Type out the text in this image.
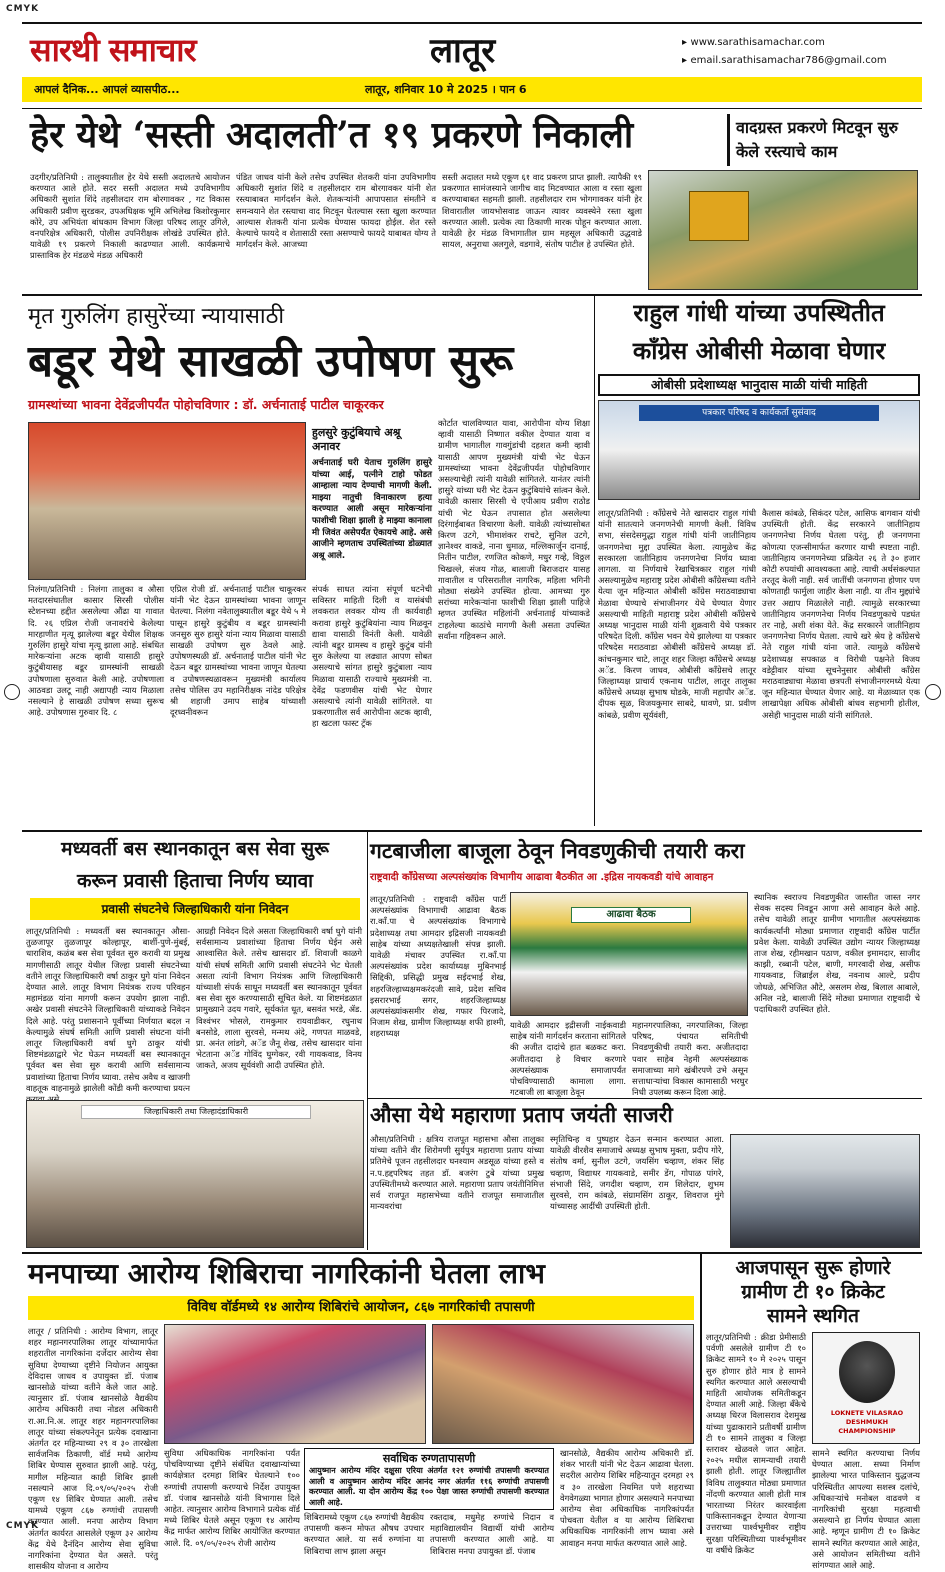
CMYK
CMYK
सारथी समाचार	लातूर	▸ www.sarathisamachar.com
▸ email.sarathisamachar786@gmail.com
आपलं दैनिक... आपलं व्यासपीठ...	लातूर, शनिवार 10 मे 2025 । पान 6
हेर येथे ‘सस्ती अदालती’त १९ प्रकरणे निकाली	वादग्रस्त प्रकरणे मिटवून सुरु केले रस्त्याचे काम
उदगीर/प्रतिनिधी : तालुक्यातील हेर येथे सस्ती अदालतचे आयोजन करण्यात आले होते. सदर सस्ती अदालत मध्ये उपविभागीय अधिकारी सुशांत शिंदे तहसीलदार राम बोरगावकर , गट विकास अधिकारी प्रवीण सुरडकर, उपअधिक्षक भूमि अभिलेख किशोरकुमार कोरे, उप अभियंता बांधकाम विभाग जिल्हा परिषद लातूर उगिले, वनपरिक्षेत्र अधिकारी, पोलीस उपनिरीक्षक लोखंडे उपस्थित होते. यावेळी १९ प्रकरणे निकाली काढण्यात आली. कार्यक्रमाचे प्रास्ताविक हेर मंडळचे मंडळ अधिकारी
पंडित जाधव यांनी केले तसेच उपस्थित शेतकरी यांना उपविभागीय अधिकारी सुशांत शिंदे व तहसीलदार राम बोरगावकर यांनी शेत रस्त्याबाबत मार्गदर्शन केले. शेतकऱ्यांनी आपापसात संमतीने व समन्वयाने शेत रस्त्याचा वाद मिटवून घेतल्यास रस्ता खुला करण्यात आल्यास शेतकरी यांना प्रत्येक घेण्यास फायदा होईल. शेत रस्ते केल्याचे फायदे व शेतासाठी रस्ता असण्याचे फायदे याबाबत योग्य ते मार्गदर्शन केले. आजच्या
सस्ती अदालत मध्ये एकूण ६१ वाद प्रकरण प्राप्त झाली. त्यापैकी १९ प्रकरणात सामंजस्याने जागीच वाद मिटवण्यात आला व रस्ता खुला करण्याबाबत सहमती झाली. तहसीलदार राम भोगगावकर यांनी हेर शिवारातील जायभोसवाड जाऊन त्यावर व्यवस्थेने रस्ता खुला करण्यात आली. प्रत्येक त्या ठिकाणी मारक पोहून करण्यात आला. यावेळी हेर मंडळ विभागातील ग्राम महसूल अधिकारी उद्धवाडे सायल, अनुराधा अलगुले, वडगावे, संतोष पाटील हे उपस्थित होते.
मृत गुरुलिंग हासुरेंच्या न्यायासाठी
बडूर येथे साखळी उपोषण सुरू
ग्रामस्थांच्या भावना देवेंद्रजीपर्यंत पोहोचविणार : डॉ. अर्चनाताई पाटील चाकूरकर
हुलसुरे कुटुंबियाचे अश्रू अनावर
अर्चनाताई घरी येताच गुरुलिंग हासुरे यांच्या आई, पत्नीने टाहो फोडत आम्हाला न्याय देण्याची मागणी केली. माझ्या नातुची विनाकारण हत्या करण्यात आली असून मारेकऱ्यांना फाशीची शिक्षा झाली हे माझ्या कानाला मी जिवंत असेपर्यंत ऐकायचे आहे. असे आजीने म्हणताच उपस्थितांच्या डोळ्यात अश्रू आले.
निलंगा/प्रतिनिधी : निलंगा तालुका व औसा मतदारसंघातील कासार सिरसी पोलीस स्टेशनच्या हद्दीत असलेल्या औंढा या गावात दि. २६ एप्रिल रोजी जनावरांचे केलेल्या मारहाणीत मृत्यू झालेल्या बडूर येथील शिक्षक गुरुलिंग हासुरे यांचा मृत्यू झाला आहे. संबधित मारेकऱ्यांना अटक व्हावी यासाठी हासुरे कुटुंबीयासह बडूर ग्रामस्थांनी साखळी उपोषणाला सुरुवात केली आहे. उपोषणाला आठवडा उलटू नाही अद्यापही न्याय मिळाला नसल्याने हे साखळी उपोषण सध्या सुरूच आहे. उपोषणास गुरुवार दि. ८
एप्रिल रोजी डॉ. अर्चनाताई पाटील चाकूरकर यांनी भेट देऊन ग्रामस्थांच्या भावना जाणून घेतल्या. निलंगा नवेतालुक्यातील बडूर येथे ५ मे पासून हासुरे कुटुंबीय व बडूर ग्रामस्थांनी जनसुरु सुरु हासुरे यांना न्याय मिळावा यासाठी साखळी उपोषण सुरु ठेवले आहे. उपोषणस्थळी डॉ. अर्चनाताई पाटील यांनी भेट देऊन बडूर ग्रामस्थांच्या भावना जाणून घेतल्या व उपोषणस्थळावरून मुख्यमंत्री कार्यालय तसेच पोलिस उप महानिरीक्षक नांदेड परिक्षेत्र श्री शहाजी उमाप साहेब यांच्याशी दूरध्वनीवरून
संपर्क साधत त्यांना संपूर्ण घटनेची सविस्तर माहिती दिली व यासंबंधी लवकरात लवकर योग्य ती कार्यवाही करावा हासुरे कुटुंबियांना न्याय मिळवून द्यावा यासाठी विनंती केली. यावेळी त्यांनी बडूर ग्रामस्थ व हासुरे कुटुंब यांनी सुरु केलेल्या या लढ्यात आपण सोबत असल्याचे सांगत हासुरे कुटुंबाला न्याय मिळावा यासाठी राज्याचे मुख्यमंत्री ना. देवेंद्र फडणवीस यांची भेट घेणार असल्याचे त्यांनी यावेळी सांगितले. या प्रकरणातील सर्व आरोपीना अटक व्हावी, हा खटला फास्ट ट्रॅक
कोर्टात चालविण्यात यावा, आरोपीना योग्य शिक्षा व्हावी यासाठी निष्णात वकील देण्यात यावा व ग्रामीण भागातील गावगुंडांची दहशत कमी व्हावी यासाठी आपण मुख्यमंत्री यांची भेट घेऊन ग्रामस्थांच्या भावना देवेंद्रजीपर्यंत पोहोचविणार असल्याचेही त्यांनी यावेळी सांगितले. यानंतर त्यांनी हासुरे यांच्या घरी भेट देऊन कुटुंबियांचे सांत्वन केले. यावेळी कासार सिरसी चे एपीआय प्रवीण राठोड यांची भेट घेऊन तपासात होत असलेल्या दिरंगाईबाबत विचारणा केली. यावेळी त्यांच्यासोबत किरण उटगे, भीमाशंकर राचटे, सुनिल उटगे, ज्ञानेश्वर वाकडे, नाना धुमाळ, मल्लिकार्जुन दानाई, नितीन पाटील, रणजित कोकणे, मधुर गव्हे, विठ्ठल चिखल्ले, संजय गोळ, बालाजी बिराजदार यासह गावातील व परिसरातील नागरिक, महिला भगिनी मोठ्या संख्येने उपस्थित होत्या. आमच्या गुरु सरांच्या मारेकऱ्यांना फाशीची शिक्षा झाली पाहिजे म्हणत उपस्थित महिलांनी अर्चनाताई यांच्याकडे टाहलेल्या काठांचे मागणी केली असता उपस्थित सर्वांना गहिवरून आले.
राहुल गांधी यांच्या उपस्थितीत
काँग्रेस ओबीसी मेळावा घेणार
ओबीसी प्रदेशाध्यक्ष भानुदास माळी यांची माहिती
पत्रकार परिषद व कार्यकर्ता सुसंवाद
लातूर/प्रतिनिधी : काँग्रेसचे नेते खासदार राहुल गांधी यांनी सातत्याने जनगणनेची मागणी केली. विविध सभा, संसदेसमुद्धा राहुल गांधी यांनी जातीनिहाय जनगणनेचा मुद्दा उपस्थित केला. त्यामुळेच केंद्र सरकारला जातीनिहाय जनगणनेचा निर्णय घ्यावा लागला. या निर्णयाचे रेखाचित्रकार राहुल गांधी असल्यामुळेच महाराष्ट्र प्रदेश ओबीसी काँग्रेसच्या वतीने येत्या जून महिन्यात ओबीसी काँग्रेस मराठवाड्याचा मेळावा घेण्याचे संभाजीनगर येथे घेण्यात येणार असल्याची माहिती महाराष्ट्र प्रदेश ओबीसी काँग्रेसचे अध्यक्ष भानुदास माळी यांनी शुक्रवारी येथे पत्रकार परिषदेत दिली. काँग्रेस भवन येथे झालेल्या या पत्रकार परिषदेस मराठवाडा ओबीसी काँग्रेसचे अध्यक्ष डॉ. कांचनकुमार चाटे, लातूर शहर जिल्हा काँग्रेसचे अध्यक्ष अॅड. किरण जाधव, ओबीसी काँग्रेसचे लातूर जिल्हाध्यक्ष प्राचार्य एकनाथ पाटील, लातूर तालुका काँग्रेसचे अध्यक्ष सुभाष घोडके, माजी महापौर अॅड. दीपक सूळ, विजयकुमार साबदे, धावणे, प्रा. प्रवीण कांबळे, प्रवीण सूर्यवंशी,
कैलास कांबळे, सिकंदर पटेल, आसिफ बागवान यांची उपस्थिती होती. केंद्र सरकारने जातीनिहाय जनगणनेचा निर्णय घेतला परंतु, ही जनगणना कोणत्या एजन्सीमार्फत करणार याची स्पष्टता नाही. जातीनिहाय जनगणनेच्या प्रक्रियेत २६ ते ३० हजार कोटी रुपयांची आवश्यकता आहे. त्याची अर्थसंकल्पात तरतूद केली नाही. सर्व जातींची जनगणना होणार पण कोणताही फार्मुला जाहीर केला नाही. या तीन मुद्द्यांचे उत्तर अद्याप मिळालेले नाही. त्यामुळे सरकारच्या जातीनिहाय जनगणनेचा निर्णय निवडणुकाचे पडघंत तर नाहे, अशी शंका येते. केंद्र सरकारने जातीनिहाय जनगणनेचा निर्णय घेतला. त्याचे खरे श्रेय हे काँग्रेसचे नेते राहुल गांधी यांना जाते. त्यामुळे काँग्रेसचे प्रदेशाध्यक्ष सपकाळ व विरोधी पक्षनेते विजय वडेट्टीवार यांच्या सूचनेनुसार ओबीसी काँग्रेस मराठवाड्याचा मेळावा छत्रपती संभाजीनगरमध्ये येत्या जून महिन्यात घेण्यात येणार आहे. या मेळाव्यात एक लाखापेक्षा अधिक ओबीसी बांधव सहभागी होतील, असेही भानुदास माळी यांनी सांगितले.
मध्यवर्ती बस स्थानकातून बस सेवा सुरू
करून प्रवासी हिताचा निर्णय घ्यावा
प्रवासी संघटनेचे जिल्हाधिकारी यांना निवेदन
लातूर/प्रतिनिधी : मध्यवर्ती बस स्थानकातून औसा-तुळजापूर तुळजापूर कोल्हापूर, बार्शी-पुणे-मुंबई, धाराशिव, कळंब बस सेवा पूर्ववत सुरु करावी या प्रमुख मागणीसाठी लातूर येथील जिल्हा प्रवासी संघटनेच्या वतीने लातूर जिल्हाधिकारी वर्षा ठाकूर घुगे यांना निवेदन देण्यात आले. लातूर विभाग नियंत्रक राज्य परिवहन महामंडळ यांना मागणी करून उपयोग झाला नाही. अखेर प्रवासी संघटनेने जिल्हाधिकारी यांच्याकडे निवेदन दिले आहे. परंतु प्रशासनाने पूर्वीच्या निर्णयात बदल न केल्यामुळे संघर्ष समिती आणि प्रवासी संघटना यांनी लातूर जिल्हाधिकारी वर्षा घुगे ठाकूर यांची शिष्टमंडळाद्वारे भेट घेऊन मध्यवर्ती बस स्थानकातून पूर्ववत बस सेवा सुरु करावी आणि सर्वसामान्य प्रवाशांच्या हिताचा निर्णय घ्यावा. तसेच अवैध व खाजगी वाहतूक वाहनामुळे झालेली कोंडी कमी करण्याचा प्रयत्न
आग्रही निवेदन दिले असता जिल्हाधिकारी वर्षा घुगे यांनी सर्वसामान्य प्रवाशांच्या हिताचा निर्णय घेईन असे आश्वासित केले. तसेच खासदार डॉ. शिवाजी काळगे यांची संघर्ष समिती आणि प्रवासी संघटनेने भेट घेतली असता त्यांनी विभाग नियंत्रक आणि जिल्हाधिकारी यांच्याशी संपर्क साधून मध्यवर्ती बस स्थानकातून पूर्ववत बस सेवा सुरु करण्यासाठी सूचित केले. या शिष्टमंडळात प्रामुख्याने उदय गवारे, सूर्यकांत धूत, बसवंत भरडे, ॲड. विश्वंभर भोसले, रामकुमार रायवाडीकर, रघुनाथ बनसोडे, लाला सुरवसे, मन्मथ अंदे, गणपत माळवडे, प्रा. अनंत लांडगे, अॅड जैनू शेख, तसेच खासदार यांना भेटताना अॅड गोविंद घुग्गेकर, रवी गायकवाड, विनय जाकते, अजय सूर्यवंशी आदी उपस्थित होते.
जिल्हाधिकारी तथा जिल्हादंडाधिकारी
गटबाजीला बाजूला ठेवून निवडणुकीची तयारी करा
राष्ट्रवादी काँग्रेसच्या अल्पसंख्यांक विभागीय आढावा बैठकीत आ .इद्रिस नायकवडी यांचे आवाहन
लातूर/प्रतिनिधी : राष्ट्रवादी काँग्रेस पार्टी अल्पसंख्यांक विभागाची आढावा बैठक रा.कॉं.पा चे अल्पसंख्यांक विभागाचे प्रदेशाध्यक्ष तथा आमदार इद्रिसजी नायकवडी साहेब यांच्या अध्यक्षतेखाली संपन्न झाली. यावेळी मंचावर उपस्थित रा.कॉं.पा अल्पसंख्यांक प्रदेश कार्याध्यक्ष मुबिनभाई सिद्दिकी, प्रसिद्धी प्रमुख सईदभाई शेख, शहरजिल्हाध्यक्षमकरंदजी सावे, प्रदेश सचिव इसरारभाई सगर, शहरजिल्हाध्यक्ष अल्पसंख्यांकसमीर शेख, गफार पिरजादे, निजाम शेख, ग्रामीण जिल्हाध्यक्ष शफी हाश्मी, शहराध्यक्ष
आढावा बैठक
यावेळी आमदार इद्रीसजी नाईकवाडी साहेब यांनी मार्गदर्शन करताना सांगितले की अजीत दादांचे हात बळकट करा. अजीतदादा हे विचार करणारे अल्पसंख्याक समाजापर्यंत पोचविण्यासाठी कामाला लागा. गटबाजी ला बाजूला ठेवून
महानगरपालिका, नगरपालिका, जिल्हा परिषद, पंचायत समितीची निवडणुकीची तयारी करा. अजीतदादा पवार साहेब नेहमी अल्पसंख्याक समाजाच्या मागे खंबीरपणे उभे असून सत्ताधाऱ्यांचा विकास कामासाठी भरघुर निधी उपलब्ध करून दिला आहे.
स्थानिक स्वराज्य निवडणुकीत जास्तीत जास्त नगर सेवक सदस्य निवडून आणा असे आवाहन केले आहे. तसेच यावेळी लातूर ग्रामीण भागातील अल्पसंख्याक कार्यकर्त्यांनी मोठ्या प्रमाणात राष्ट्रवादी काँग्रेस पार्टीत प्रवेश केला. यावेळी उपस्थित उद्योग न्यायर जिल्हाध्यक्ष ताज शेख, रहीमखान पठाण, वकील इमामदार, साजीद काझी, रब्बानी पटेल, बाणी, मगरवादी शेख, असीफ गायकवाड, जिब्राईल शेख, नवनाथ आल्टे, प्रदीप जोधळे, अभिजित औटे, असलम शेख, बिलाल आबाले, अनिल नडे, बालाजी सिंदे मोठ्या प्रमाणात राष्ट्रवादी चे पदाधिकारी उपस्थित होते.
औसा येथे महाराणा प्रताप जयंती साजरी
औसा/प्रतिनिधी : क्षत्रिय राजपूत महासभा औसा तालुका यांच्या वतीने वीर शिरोमणी सुर्यपुत्र महाराणा प्रताप यांच्या प्रतिमेचे पूजन तहसीलदार घनश्याम अडसूळ यांच्या हस्ते व न.प.हद्दपरिषद तहत डॉ. बजरंग टुबे यांच्या प्रमुख उपस्थितीमध्ये करण्यात आले. महाराणा प्रताप जयंतीनिमित्त सर्व राजपूत महासभेच्या वतीने राजपूत समाजातील मान्यवरांचा
स्मृतिचिन्ह व पुष्पहार देऊन सन्मान करण्यात आला. यावेळी वीरशैव समाजाचे अध्यक्ष सुभाष मुक्ता, प्रदीप गोरे, संतोष वर्मा, सुनील उटगे, जयसिंग चव्हाण, शंकर सिंह चव्हाण, विद्याधर गायकवाडे, समीर डेंग, गोपाळ पांगरे, संभाजी सिंदे, जगदीश चव्हाण, राम शिलेदार, शुभम सुरवसे, राम कांबळे, संग्रामसिंग ठाकूर, शिवराज मुंगे यांच्यासह आदींची उपस्थिती होती.
मनपाच्या आरोग्य शिबिराचा नागरिकांनी घेतला लाभ
विविध वॉर्डमध्ये १४ आरोग्य शिबिरांचे आयोजन, ८६७ नागरिकांची तपासणी
लातूर / प्रतिनिधी : आरोग्य विभाग, लातूर शहर महानगरपालिका लातूर यांच्यामार्फत शहरातील नागरिकांना दर्जेदार आरोग्य सेवा सुविधा देण्याच्या दृष्टीने नियोजन आयुक्त देविदास जाधव व उपायुक्त डॉ. पंजाब खानसोळे यांच्या वतीने केले जात आहे. त्यानुसार डॉ. पंजाब खानसोळे वैद्यकीय आरोग्य अधिकारी तथा नोडल अधिकारी रा.आ.नि.अ. लातूर शहर महानगरपालिका लातूर यांच्या संकल्पनेतून प्रत्येक दवाखाना अंतर्गत दर महिन्याच्या २९ व ३० तारखेला सार्वजनिक ठिकाणी, वॉर्ड मध्ये आरोग्य शिबिर घेण्यास सुरुवात झाली आहे. परंतु, मागील महिन्यात काही शिबिर झाली नसल्याने आज दि.०९/०५/२०२५ रोजी एकूण १४ शिबिर घेण्यात आली. तसेच यामध्ये एकूण ८६७ रुग्णांची तपासणी करण्यात आली. मनपा आरोग्य विभाग अंतर्गत कार्यरत आसलेले एकूण ३२ आरोग्य केंद्र येथे दैनंदिन आरोग्य सेवा सुविधा नागरिकांना देण्यात येत असते. परंतु शासकीय योजना व आरोग्य
सुविधा अधिकाधिक नागरिकांना पर्यंत पोचविण्याच्या दृष्टीने संबंधित दवाखान्यांच्या कार्यक्षेत्रात दरमहा शिबिर घेतल्याने १०० रुग्णांची तपासणी करण्याचे निर्देश उपायुक्त डॉ. पंजाब खानसोळे यांनी विभागास दिले आहेत. त्यानुसार आरोग्य विभागाने प्रत्येक वॉर्ड मध्ये शिबिर घेतले असून एकूण १४ आरोग्य केंद्र मार्फत आरोग्य शिबिर आयोजित करण्यात आले. दि. ०९/०५/२०२५ रोजी आरोग्य
सर्वाधिक रुग्णतापासणी
आयुष्मान आरोग्य मंदिर दक्षुसा एरिया अंतर्गत १२१ रुग्णांची तपासणी करण्यात आली व आयुष्मान आरोग्य मंदिर आनंद नगर अंतर्गत ११६ रुग्णांची तपासणी करण्यात आली. या दोन आरोग्य केंद्र १०० पेक्षा जास्त रुग्णांची तपासणी करण्यात आली आहे.
शिबिरामध्ये एकूण ८६७ रुग्णांची वैद्यकीय तपासणी करून मोफत औषध उपचार करण्यात आले. या सर्व रुग्णांना या शिबिराचा लाभ झाला असून
रक्तदाब, मधुमेह रुग्णांचे निदान व महाविद्यालयीन विद्यार्थी यांची आरोग्य तपासणी करण्यात आली आहे. या शिबिरास मनपा उपायुक्त डॉ. पंजाब
खानसोळे, वैद्यकीय आरोग्य अधिकारी डॉ. शंकर भारती यांनी भेट देऊन आढावा घेतला. सदरील आरोग्य शिबिर महिन्यातून दरमहा २९ व ३० तारखेला नियमित पणे शहराच्या वेगवेगळ्या भागात होणार असल्याने मनपाच्या आरोग्य सेवा अधिकाधिक नागरिकांपर्यंत पोचवता येतील व या आरोग्य शिबिराचा अधिकाधिक नागरिकांनी लाभ घ्यावा असे आवाहन मनपा मार्फत करण्यात आले आहे.
आजपासून सुरू होणारे
ग्रामीण टी १० क्रिकेट
सामने स्थगित
लातूर/प्रतिनिधी : क्रीडा प्रेमीसाठी पर्वणी असलेले ग्रामीण टी १० क्रिकेट सामने १० मे २०२५ पासून सुरु होणार होते मात्र हे सामने स्थगित करण्यात आले असल्याची माहिती आयोजक समितीकडून देण्यात आली आहे. जिल्हा बँकेचे अध्यक्ष धिरज विलासराव देशमुख यांच्या पुढाकाराने प्रतीवर्षी ग्रामीण टी १० सामने तालुका व जिल्हा स्तरावर खेळवले जात आहेत. २०२५ मधील सामन्याची तयारी झाली होती. लातूर जिल्ह्यातील विविध तालुक्यात मोठ्या प्रमाणात नोंदणी करण्यात आली होती मात्र भारताच्या निरंतर कारवाईला पाकिस्तानकडून देण्यात येणाऱ्या उत्तराच्या पार्श्वभूमीवर राष्ट्रीय सुरक्षा परिस्थितीच्या पार्श्वभूमीवर या वर्षीचे क्रिकेट
LOKNETE VILASRAO DESHMUKH CHAMPIONSHIP
सामने स्थगित करण्याचा निर्णय घेण्यात आला. सध्या निर्माण झालेल्या भारत पाकिस्तान युद्धजन्य परिस्थितीत आपल्या सशस्त्र दलांचे, अधिकाऱ्यांचे मनोबल वाढवणे व नागरिकांची सुरक्षा महत्वाची असल्याने हा निर्णय घेण्यात आला आहे. म्हणून ग्रामीण टी १० क्रिकेट सामने स्थगित करण्यात आले आहेत, असे आयोजन समितीच्या वतीने सांगण्यात आले आहे.
